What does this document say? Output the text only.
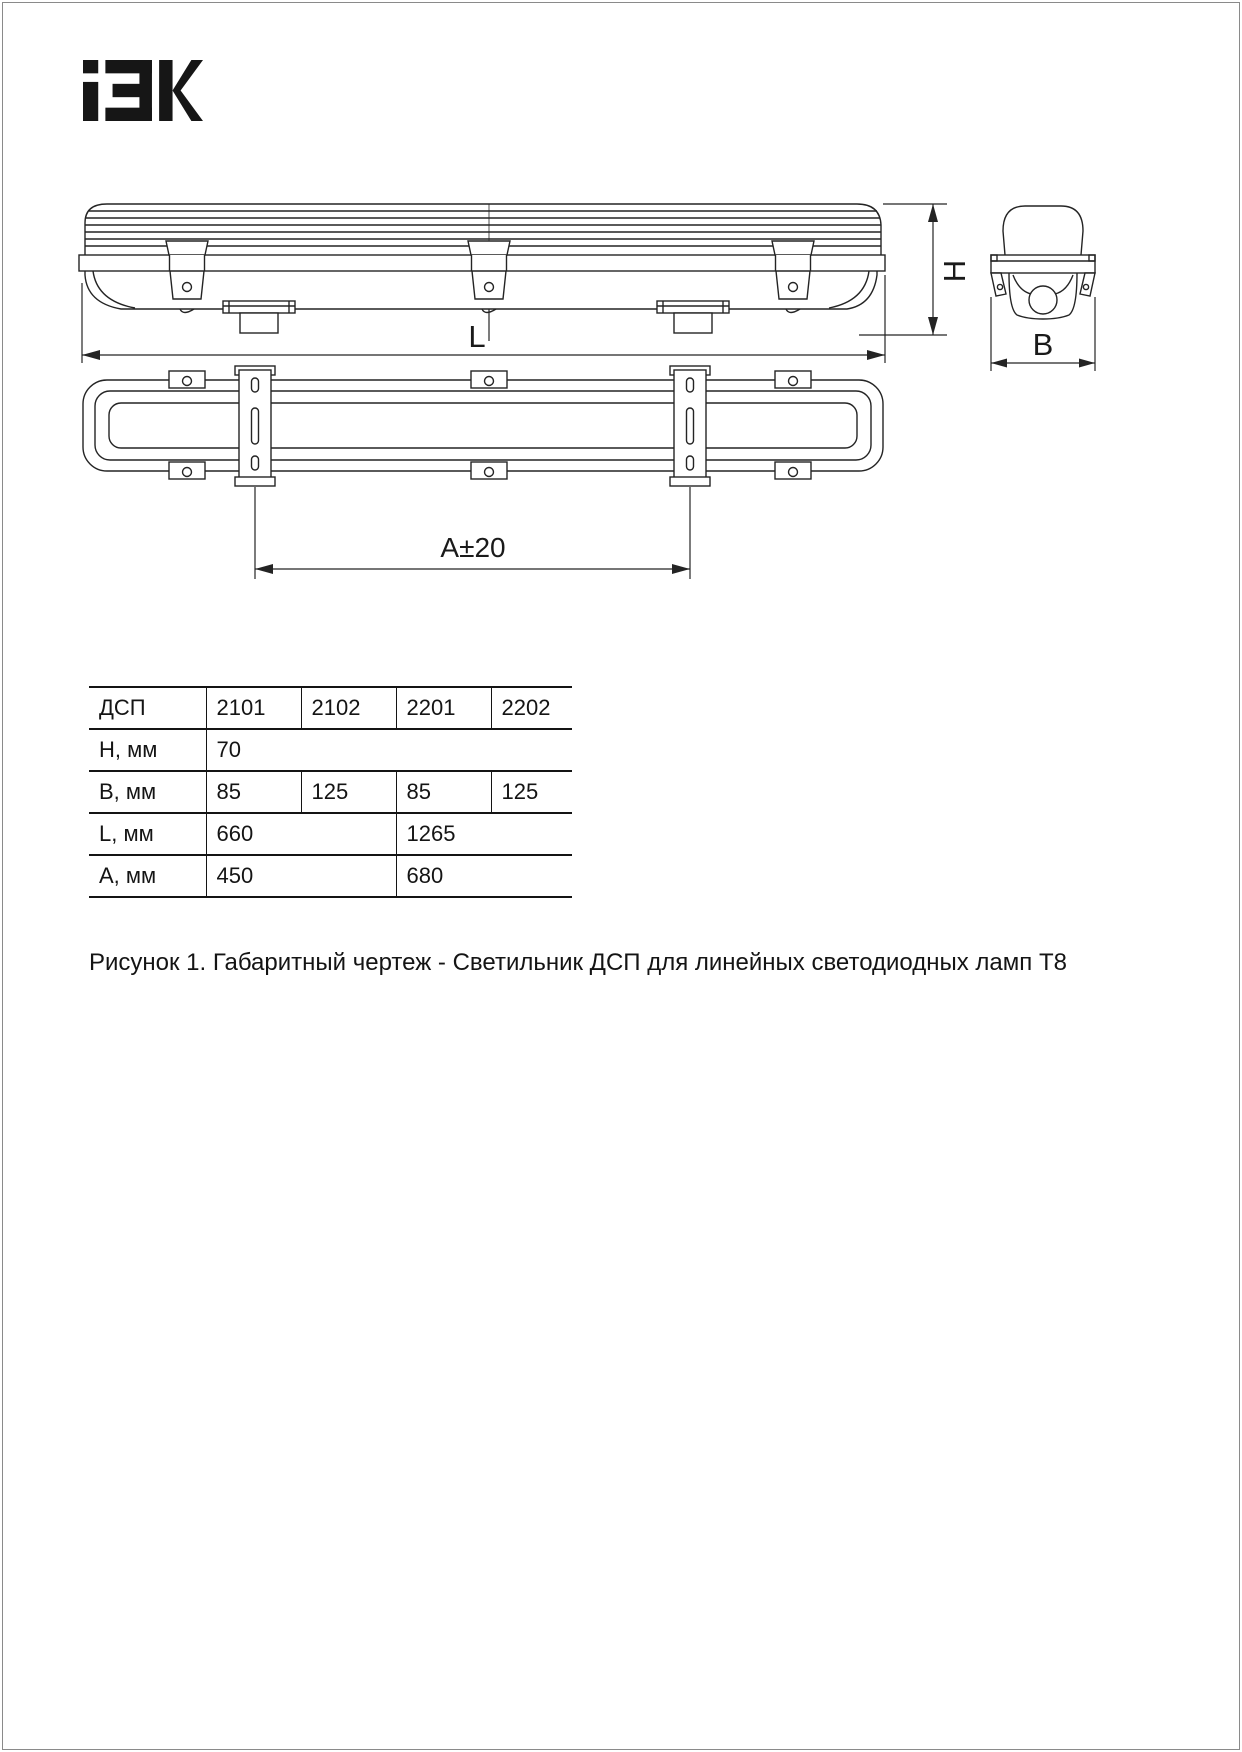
H
L	B
A±20
ДСП	2101	2102	2201	2202
H, мм	70			
B, мм	85	125	85	125
L, мм	660		1265	
A, мм	450		680	
Рисунок 1. Габаритный чертеж - Светильник ДСП для линейных светодиодных ламп Т8
